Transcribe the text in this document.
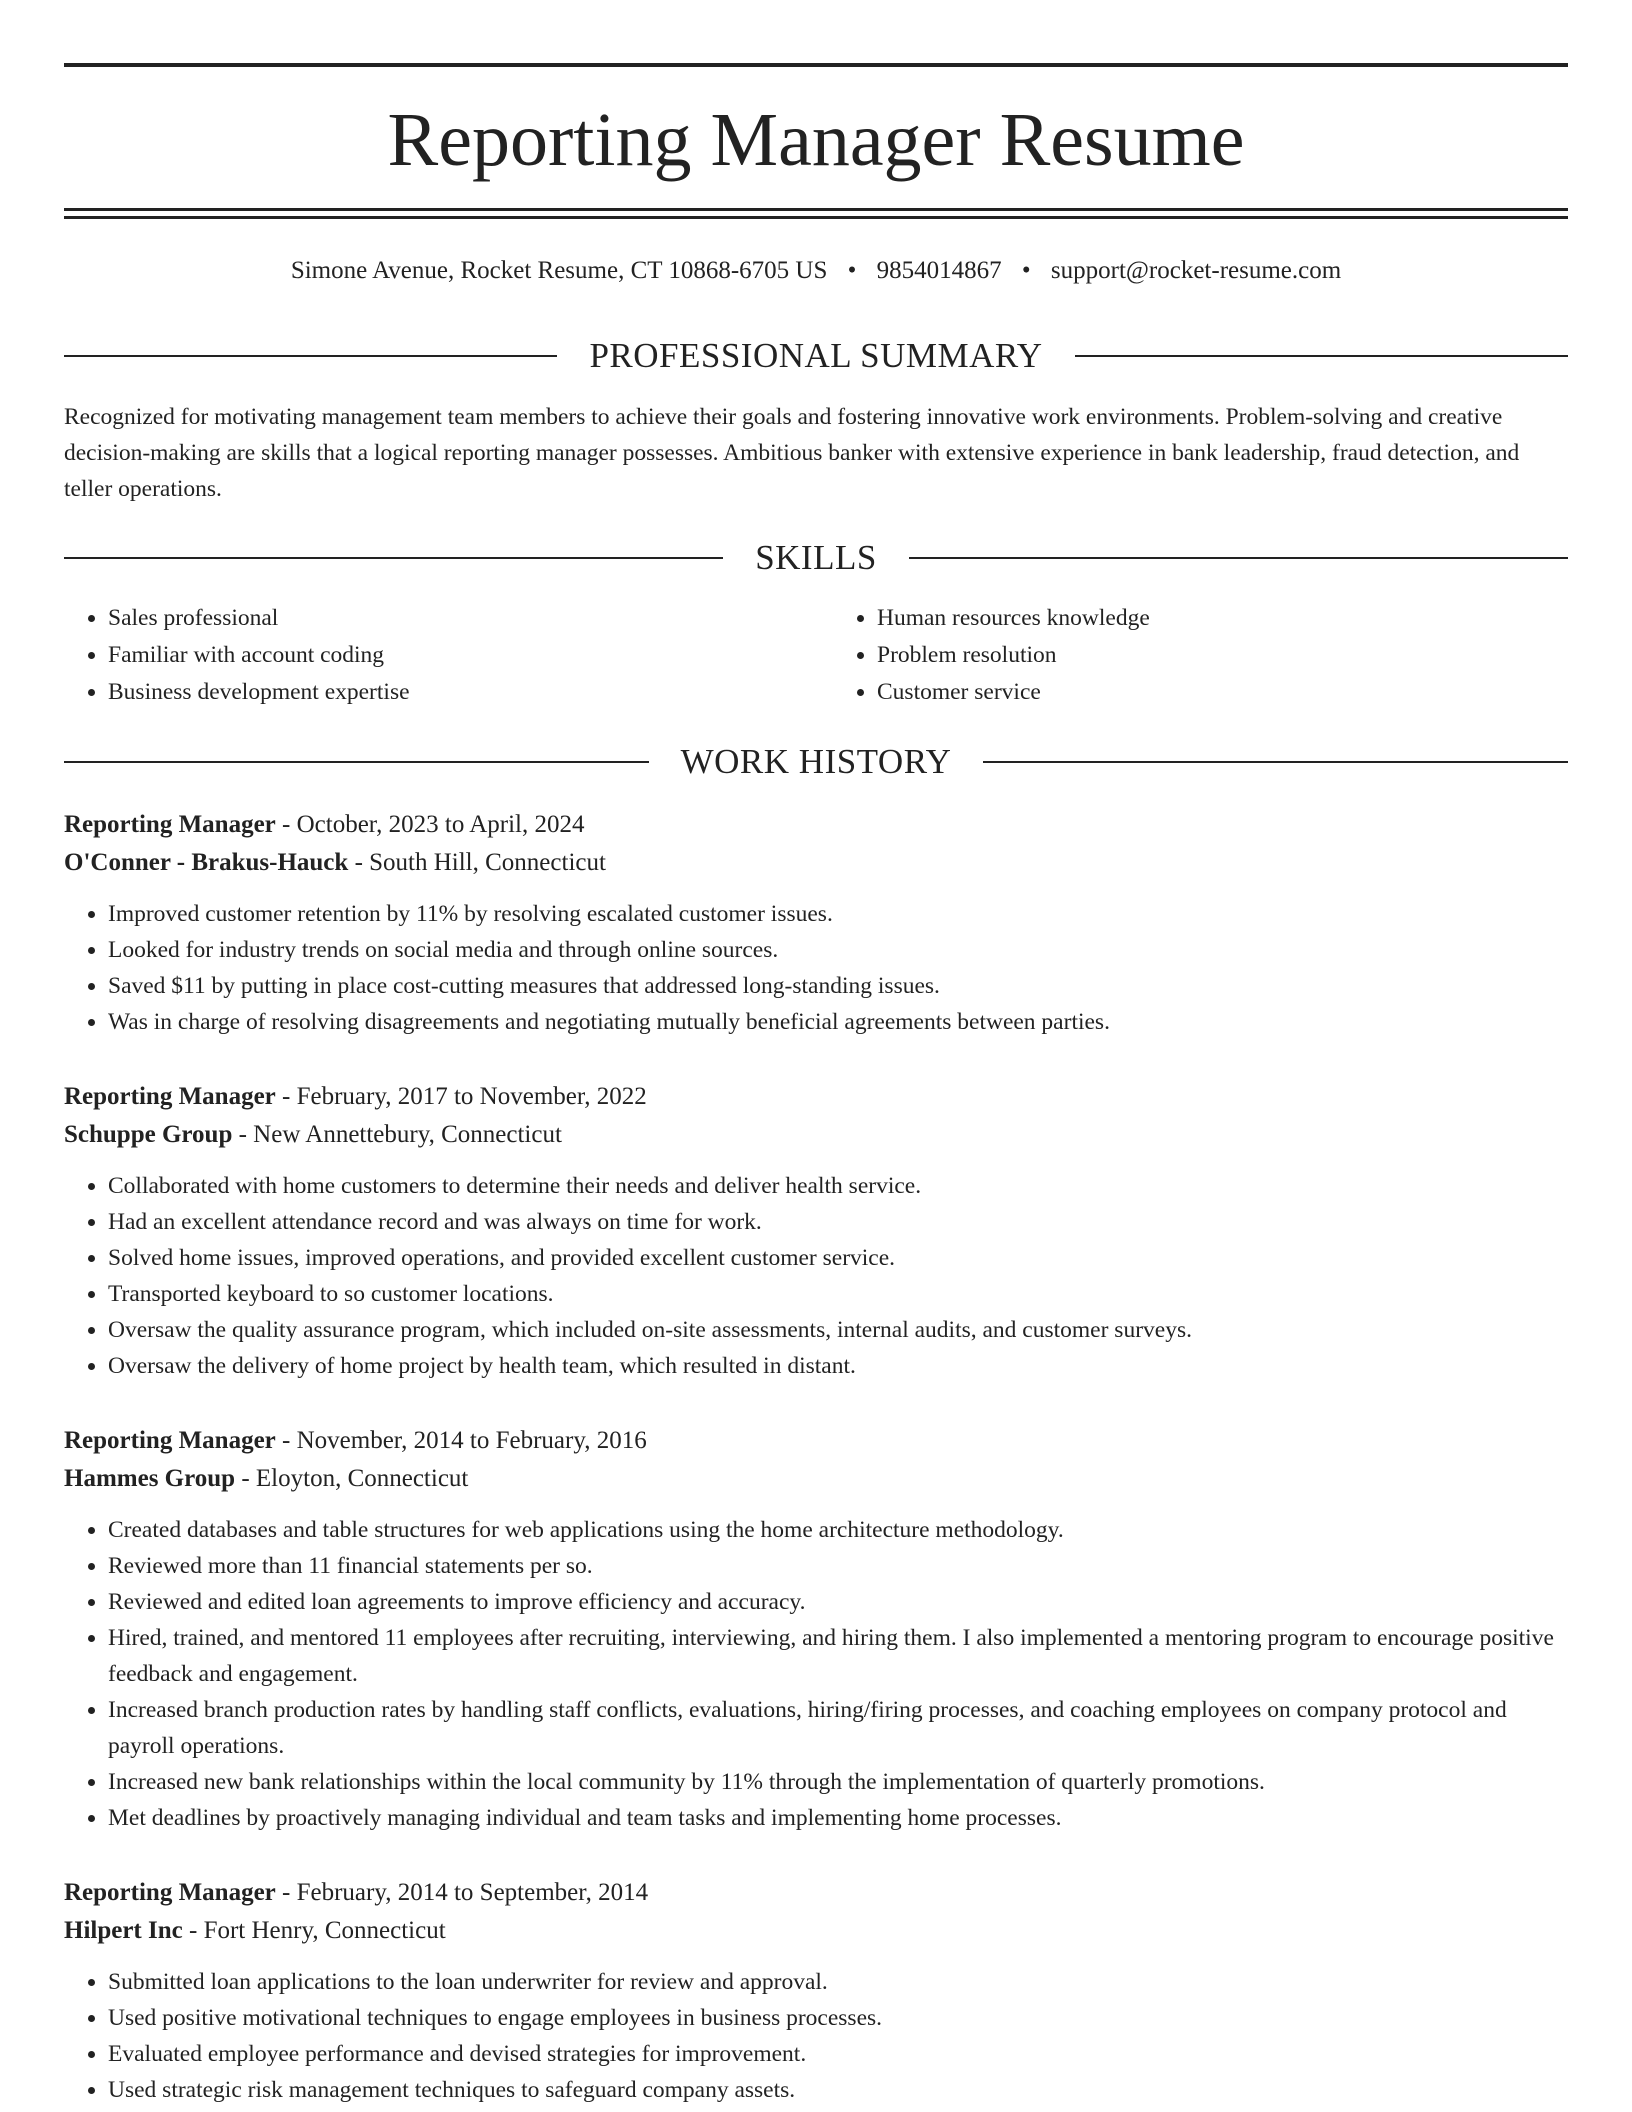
Reporting Manager Resume
Simone Avenue, Rocket Resume, CT 10868-6705 US • 9854014867 • support@rocket-resume.com
PROFESSIONAL SUMMARY

Recognized for motivating management team members to achieve their goals and fostering innovative work environments. Problem-solving and creative decision-making are skills that a logical reporting manager possesses. Ambitious banker with extensive experience in bank leadership, fraud detection, and teller operations.

SKILLS
• Sales professional
• Familiar with account coding
• Business development expertise
• Human resources knowledge
• Problem resolution
• Customer service
WORK HISTORY
Reporting Manager - October, 2023 to April, 2024
O'Conner - Brakus-Hauck - South Hill, Connecticut
• Improved customer retention by 11% by resolving escalated customer issues.
• Looked for industry trends on social media and through online sources.
• Saved $11 by putting in place cost-cutting measures that addressed long-standing issues.
• Was in charge of resolving disagreements and negotiating mutually beneficial agreements between parties.
Reporting Manager - February, 2017 to November, 2022
Schuppe Group - New Annettebury, Connecticut
• Collaborated with home customers to determine their needs and deliver health service.
• Had an excellent attendance record and was always on time for work.
• Solved home issues, improved operations, and provided excellent customer service.
• Transported keyboard to so customer locations.
• Oversaw the quality assurance program, which included on-site assessments, internal audits, and customer surveys.
• Oversaw the delivery of home project by health team, which resulted in distant.
Reporting Manager - November, 2014 to February, 2016
Hammes Group - Eloyton, Connecticut
• Created databases and table structures for web applications using the home architecture methodology.
• Reviewed more than 11 financial statements per so.
• Reviewed and edited loan agreements to improve efficiency and accuracy.
• Hired, trained, and mentored 11 employees after recruiting, interviewing, and hiring them. I also implemented a mentoring program to encourage positive feedback and engagement.
• Increased branch production rates by handling staff conflicts, evaluations, hiring/firing processes, and coaching employees on company protocol and payroll operations.
• Increased new bank relationships within the local community by 11% through the implementation of quarterly promotions.
• Met deadlines by proactively managing individual and team tasks and implementing home processes.
Reporting Manager - February, 2014 to September, 2014
Hilpert Inc - Fort Henry, Connecticut
• Submitted loan applications to the loan underwriter for review and approval.
• Used positive motivational techniques to engage employees in business processes.
• Evaluated employee performance and devised strategies for improvement.
• Used strategic risk management techniques to safeguard company assets.
